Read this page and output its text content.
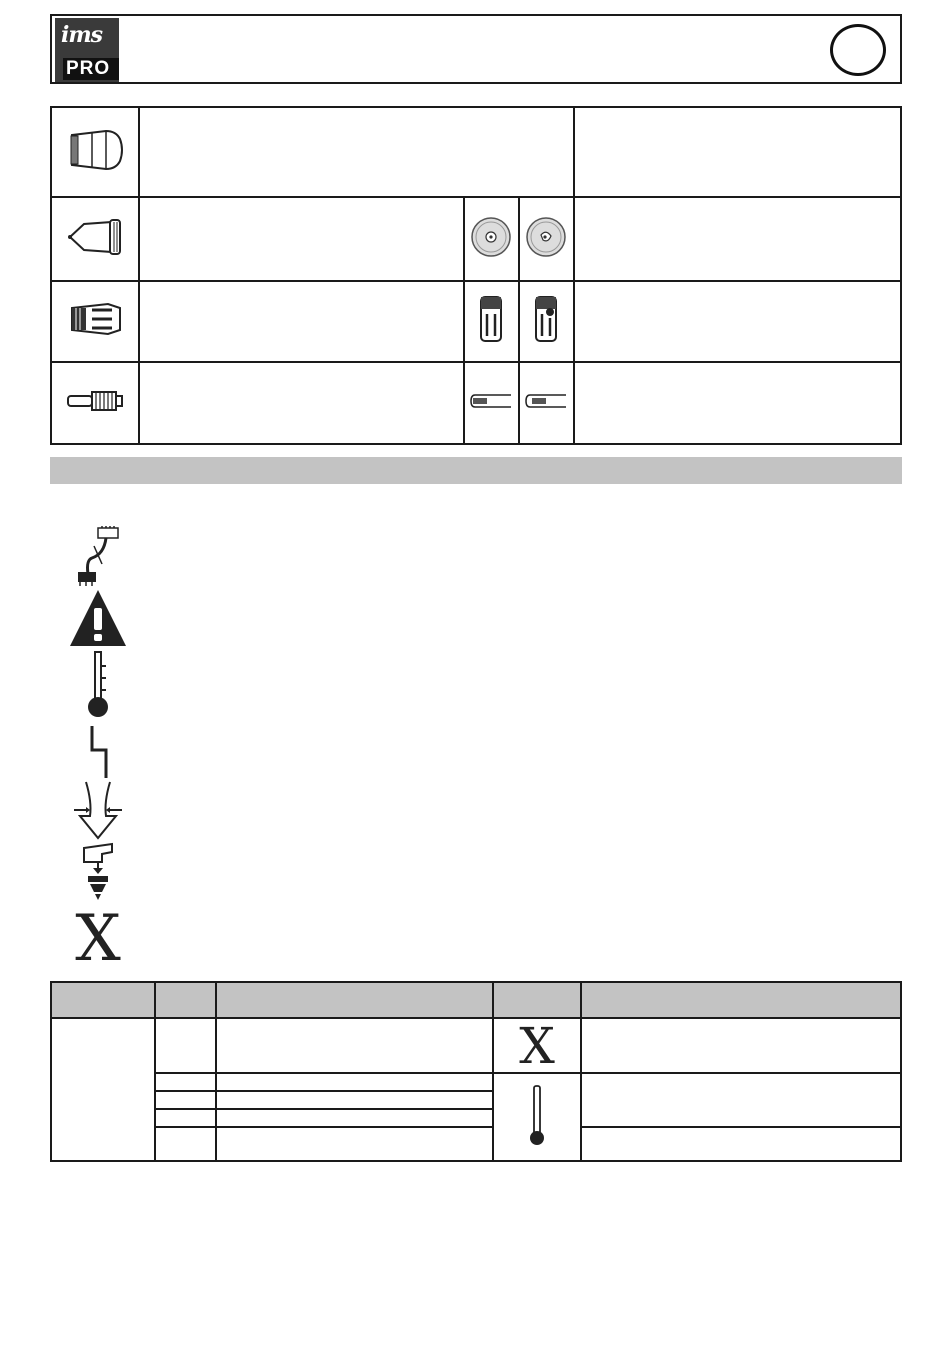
ims
PRO

X

X	
